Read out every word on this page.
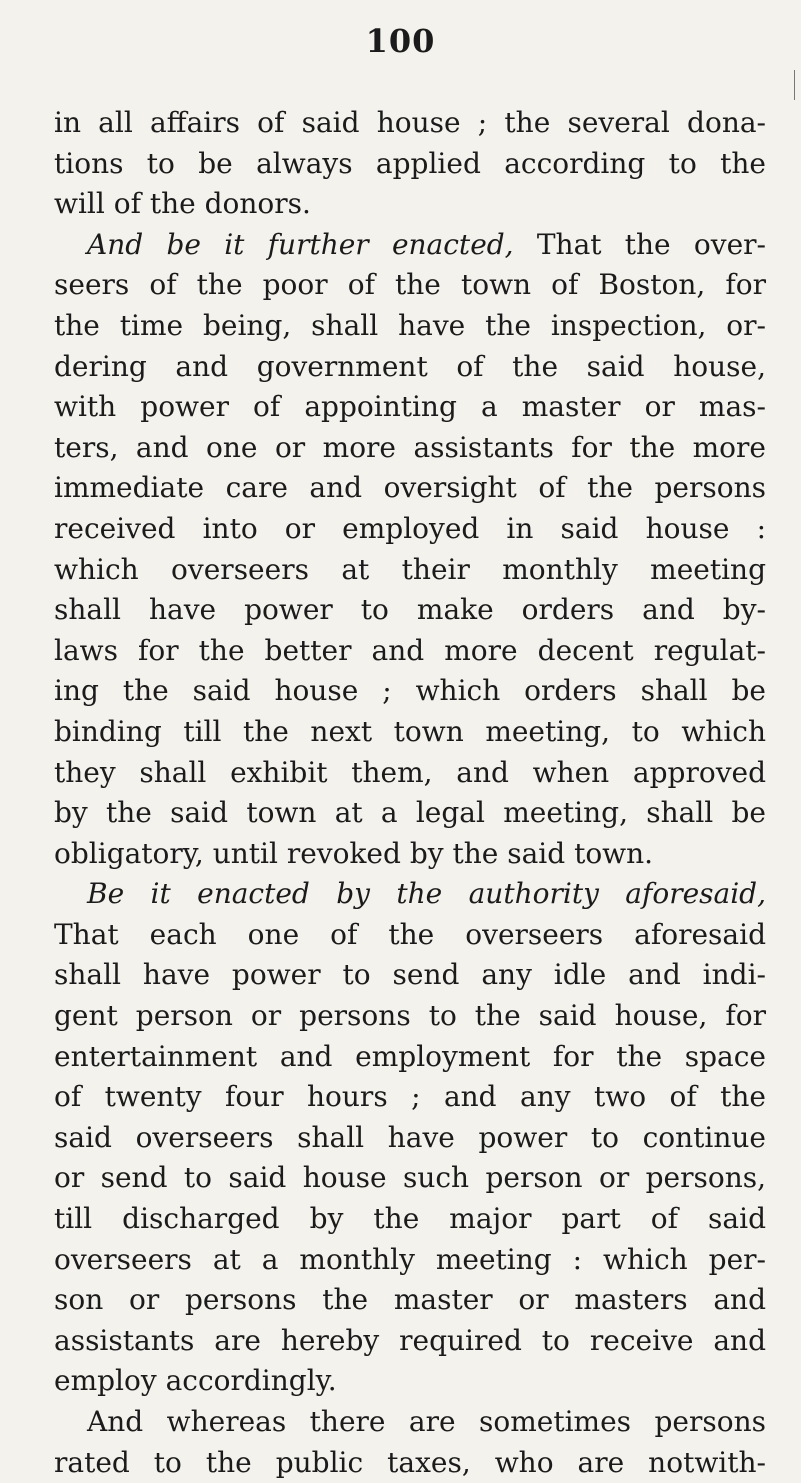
100
in all affairs of said house ; the several dona-
tions to be always applied according to the
will of the donors.
And be it further enacted, That the over-
seers of the poor of the town of Boston, for
the time being, shall have the inspection, or-
dering and government of the said house,
with power of appointing a master or mas-
ters, and one or more assistants for the more
immediate care and oversight of the persons
received into or employed in said house :
which overseers at their monthly meeting
shall have power to make orders and by-
laws for the better and more decent regulat-
ing the said house ; which orders shall be
binding till the next town meeting, to which
they shall exhibit them, and when approved
by the said town at a legal meeting, shall be
obligatory, until revoked by the said town.
Be it enacted by the authority aforesaid,
That each one of the overseers aforesaid
shall have power to send any idle and indi-
gent person or persons to the said house, for
entertainment and employment for the space
of twenty four hours ; and any two of the
said overseers shall have power to continue
or send to said house such person or persons,
till discharged by the major part of said
overseers at a monthly meeting : which per-
son or persons the master or masters and
assistants are hereby required to receive and
employ accordingly.
And whereas there are sometimes persons
rated to the public taxes, who are notwith-
